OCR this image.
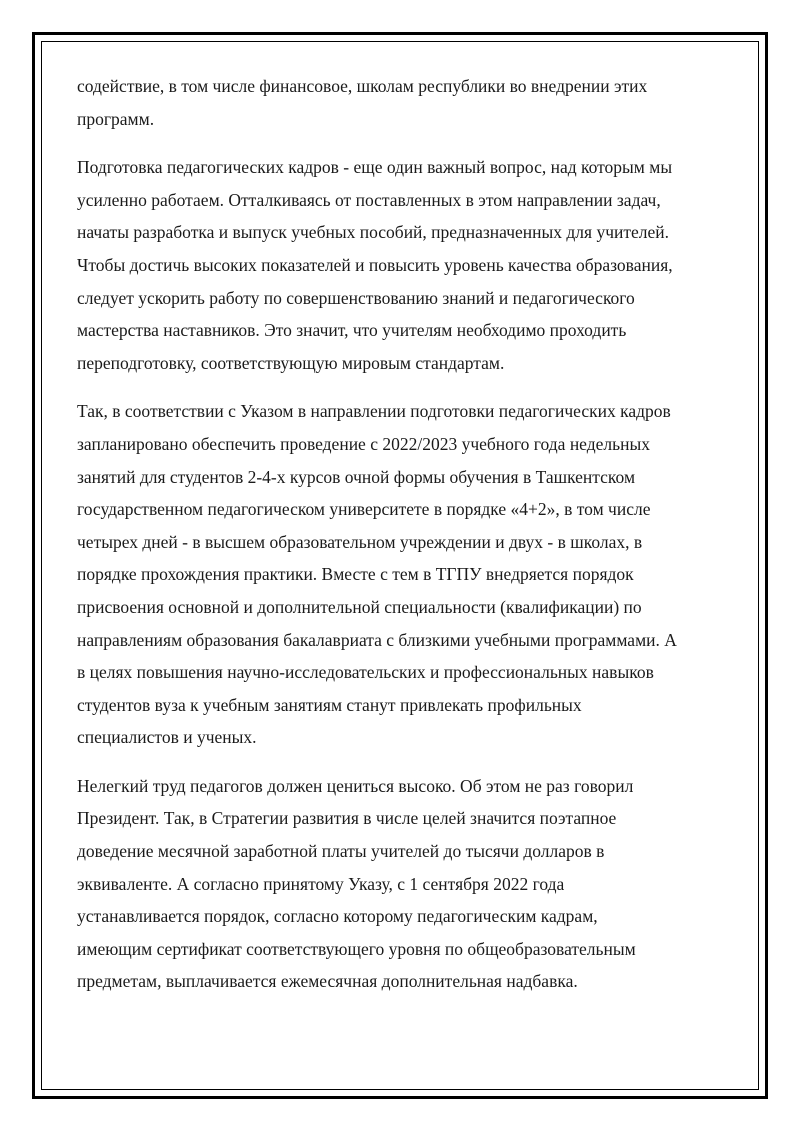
содействие, в том числе финансовое, школам республики во внедрении этих
программ.

Подготовка педагогических кадров - еще один важный вопрос, над которым мы
усиленно работаем. Отталкиваясь от поставленных в этом направлении задач,
начаты разработка и выпуск учебных пособий, предназначенных для учителей.
Чтобы достичь высоких показателей и повысить уровень качества образования,
следует ускорить работу по совершенствованию знаний и педагогического
мастерства наставников. Это значит, что учителям необходимо проходить
переподготовку, соответствующую мировым стандартам.

Так, в соответствии с Указом в направлении подготовки педагогических кадров
запланировано обеспечить проведение с 2022/2023 учебного года недельных
занятий для студентов 2-4-х курсов очной формы обучения в Ташкентском
государственном педагогическом университете в порядке «4+2», в том числе
четырех дней - в высшем образовательном учреждении и двух - в школах, в
порядке прохождения практики. Вместе с тем в ТГПУ внедряется порядок
присвоения основной и дополнительной специальности (квалификации) по
направлениям образования бакалавриата с близкими учебными программами. А
в целях повышения научно-исследовательских и профессиональных навыков
студентов вуза к учебным занятиям станут привлекать профильных
специалистов и ученых.

Нелегкий труд педагогов должен цениться высоко. Об этом не раз говорил
Президент. Так, в Стратегии развития в числе целей значится поэтапное
доведение месячной заработной платы учителей до тысячи долларов в
эквиваленте. А согласно принятому Указу, с 1 сентября 2022 года
устанавливается порядок, согласно которому педагогическим кадрам,
имеющим сертификат соответствующего уровня по общеобразовательным
предметам, выплачивается ежемесячная дополнительная надбавка.
